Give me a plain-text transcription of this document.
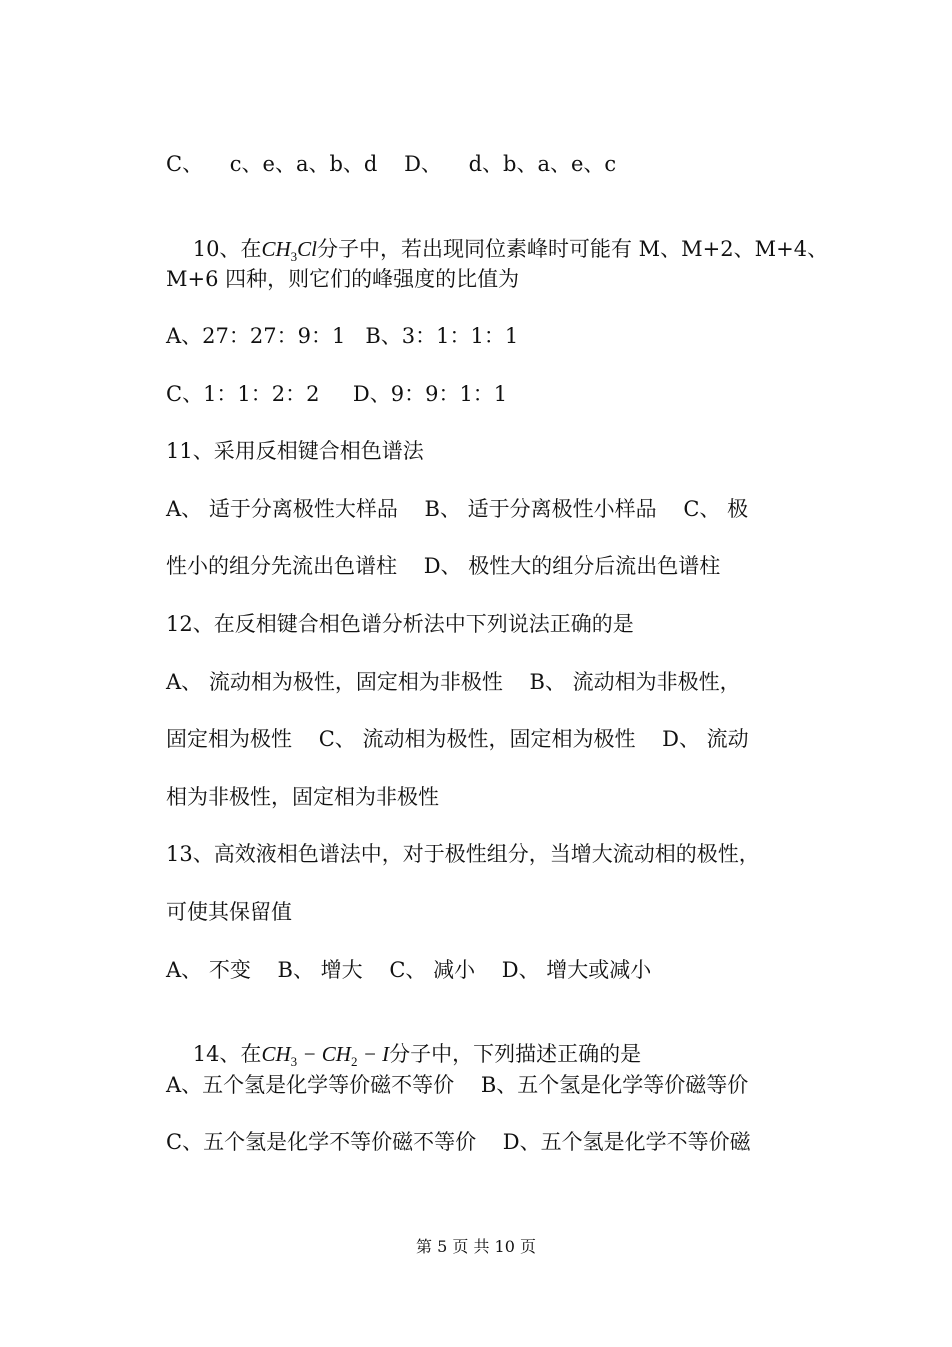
C、    c、e、a、b、d    D、    d、b、a、e、c

10、在$CH_3Cl$分子中，若出现同位素峰时可能有 M、M+2、M+4、

M+6 四种，则它们的峰强度的比值为
A、27：27：9：1   B、3：1：1：1
C、1：1：2：2     D、9：9：1：1
11、采用反相键合相色谱法
A、 适于分离极性大样品    B、 适于分离极性小样品    C、 极
性小的组分先流出色谱柱    D、 极性大的组分后流出色谱柱
12、在反相键合相色谱分析法中下列说法正确的是
A、 流动相为极性，固定相为非极性    B、 流动相为非极性，
固定相为极性    C、 流动相为极性，固定相为极性    D、 流动
相为非极性，固定相为非极性
13、高效液相色谱法中，对于极性组分，当增大流动相的极性，
可使其保留值
A、 不变    B、 增大    C、 减小    D、 增大或减小

14、在$CH_3 - CH_2 - I$分子中，下列描述正确的是

A、五个氢是化学等价磁不等价    B、五个氢是化学等价磁等价
C、五个氢是化学不等价磁不等价    D、五个氢是化学不等价磁
第 5 页 共 10 页
